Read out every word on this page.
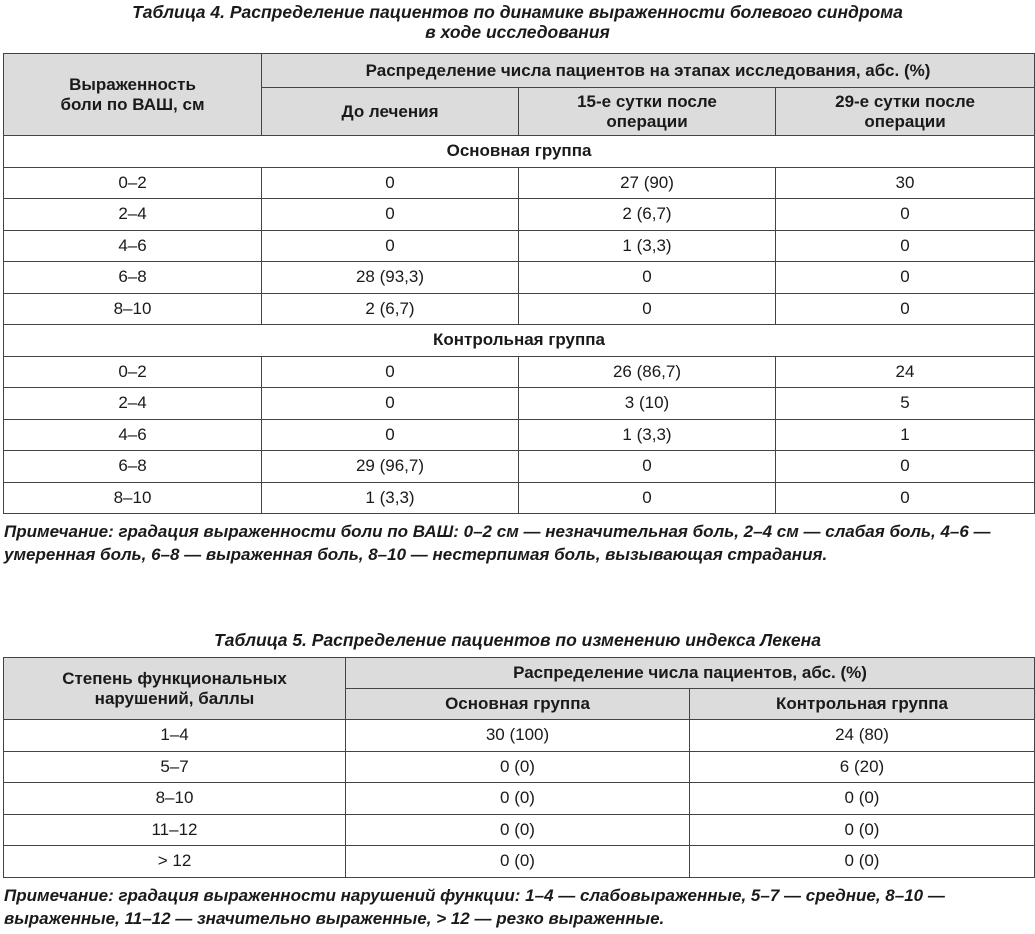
Таблица 4. Распределение пациентов по динамике выраженности болевого синдрома
в ходе исследования
Выраженность боли по ВАШ, см	Распределение числа пациентов на этапах исследования, абс. (%)		
	До лечения	15-е сутки после операции	29-е сутки после операции
Основная группа			
0–2	0	27 (90)	30
2–4	0	2 (6,7)	0
4–6	0	1 (3,3)	0
6–8	28 (93,3)	0	0
8–10	2 (6,7)	0	0
Контрольная группа			
0–2	0	26 (86,7)	24
2–4	0	3 (10)	5
4–6	0	1 (3,3)	1
6–8	29 (96,7)	0	0
8–10	1 (3,3)	0	0
Примечание: градация выраженности боли по ВАШ: 0–2 см — незначительная боль, 2–4 см — слабая боль, 4–6 — умеренная боль, 6–8 — выраженная боль, 8–10 — нестерпимая боль, вызывающая страдания.
Таблица 5. Распределение пациентов по изменению индекса Лекена
Степень функциональных нарушений, баллы	Распределение числа пациентов, абс. (%)	
	Основная группа	Контрольная группа
1–4	30 (100)	24 (80)
5–7	0 (0)	6 (20)
8–10	0 (0)	0 (0)
11–12	0 (0)	0 (0)
> 12	0 (0)	0 (0)
Примечание: градация выраженности нарушений функции: 1–4 — слабовыраженные, 5–7 — средние, 8–10 — выраженные, 11–12 — значительно выраженные, > 12 — резко выраженные.
